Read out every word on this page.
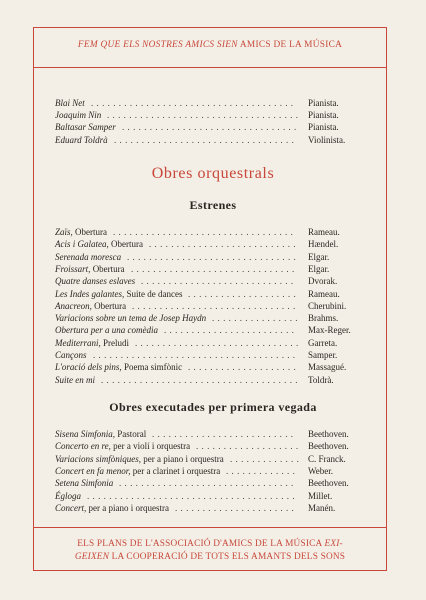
FEM QUE ELS NOSTRES AMICS SIEN AMICS DE LA MÚSICA
Blai Net ..................................... Pianista.
Joaquim Nin ................................... Pianista.
Baltasar Samper ................................ Pianista.
Eduard Toldrà ................................. Violinista.
Obres orquestrals
Estrenes
Zaïs, Obertura ................................. Rameau.
Acis i Galatea, Obertura ........................... Hændel.
Serenada moresca ............................... Elgar.
Froissart, Obertura .............................. Elgar.
Quatre danses eslaves ............................ Dvorak.
Les Indes galantes, Suite de dances .................... Rameau.
Anacreon, Obertura .............................. Cherubini.
Variacions sobre un tema de Josep Haydn ................ Brahms.
Obertura per a una comèdia ........................ Max-Reger.
Mediterrani, Preludi .............................. Garreta.
Cançons ..................................... Samper.
L'oració dels pins, Poema simfònic .................... Massagué.
Suite en mi .................................... Toldrà.
Obres executades per primera vegada
Sisena Simfonia, Pastoral .......................... Beethoven.
Concerto en re, per a violí i orquestra ................... Beethoven.
Variacions simfòniques, per a piano i orquestra ............. C. Franck.
Concert en fa menor, per a clarinet i orquestra ............. Weber.
Setena Simfonia ................................ Beethoven.
Égloga ...................................... Millet.
Concert, per a piano i orquestra ...................... Manén.
ELS PLANS DE L'ASSOCIACIÓ D'AMICS DE LA MÚSICA EXI-
GEIXEN LA COOPERACIÓ DE TOTS ELS AMANTS DELS SONS
